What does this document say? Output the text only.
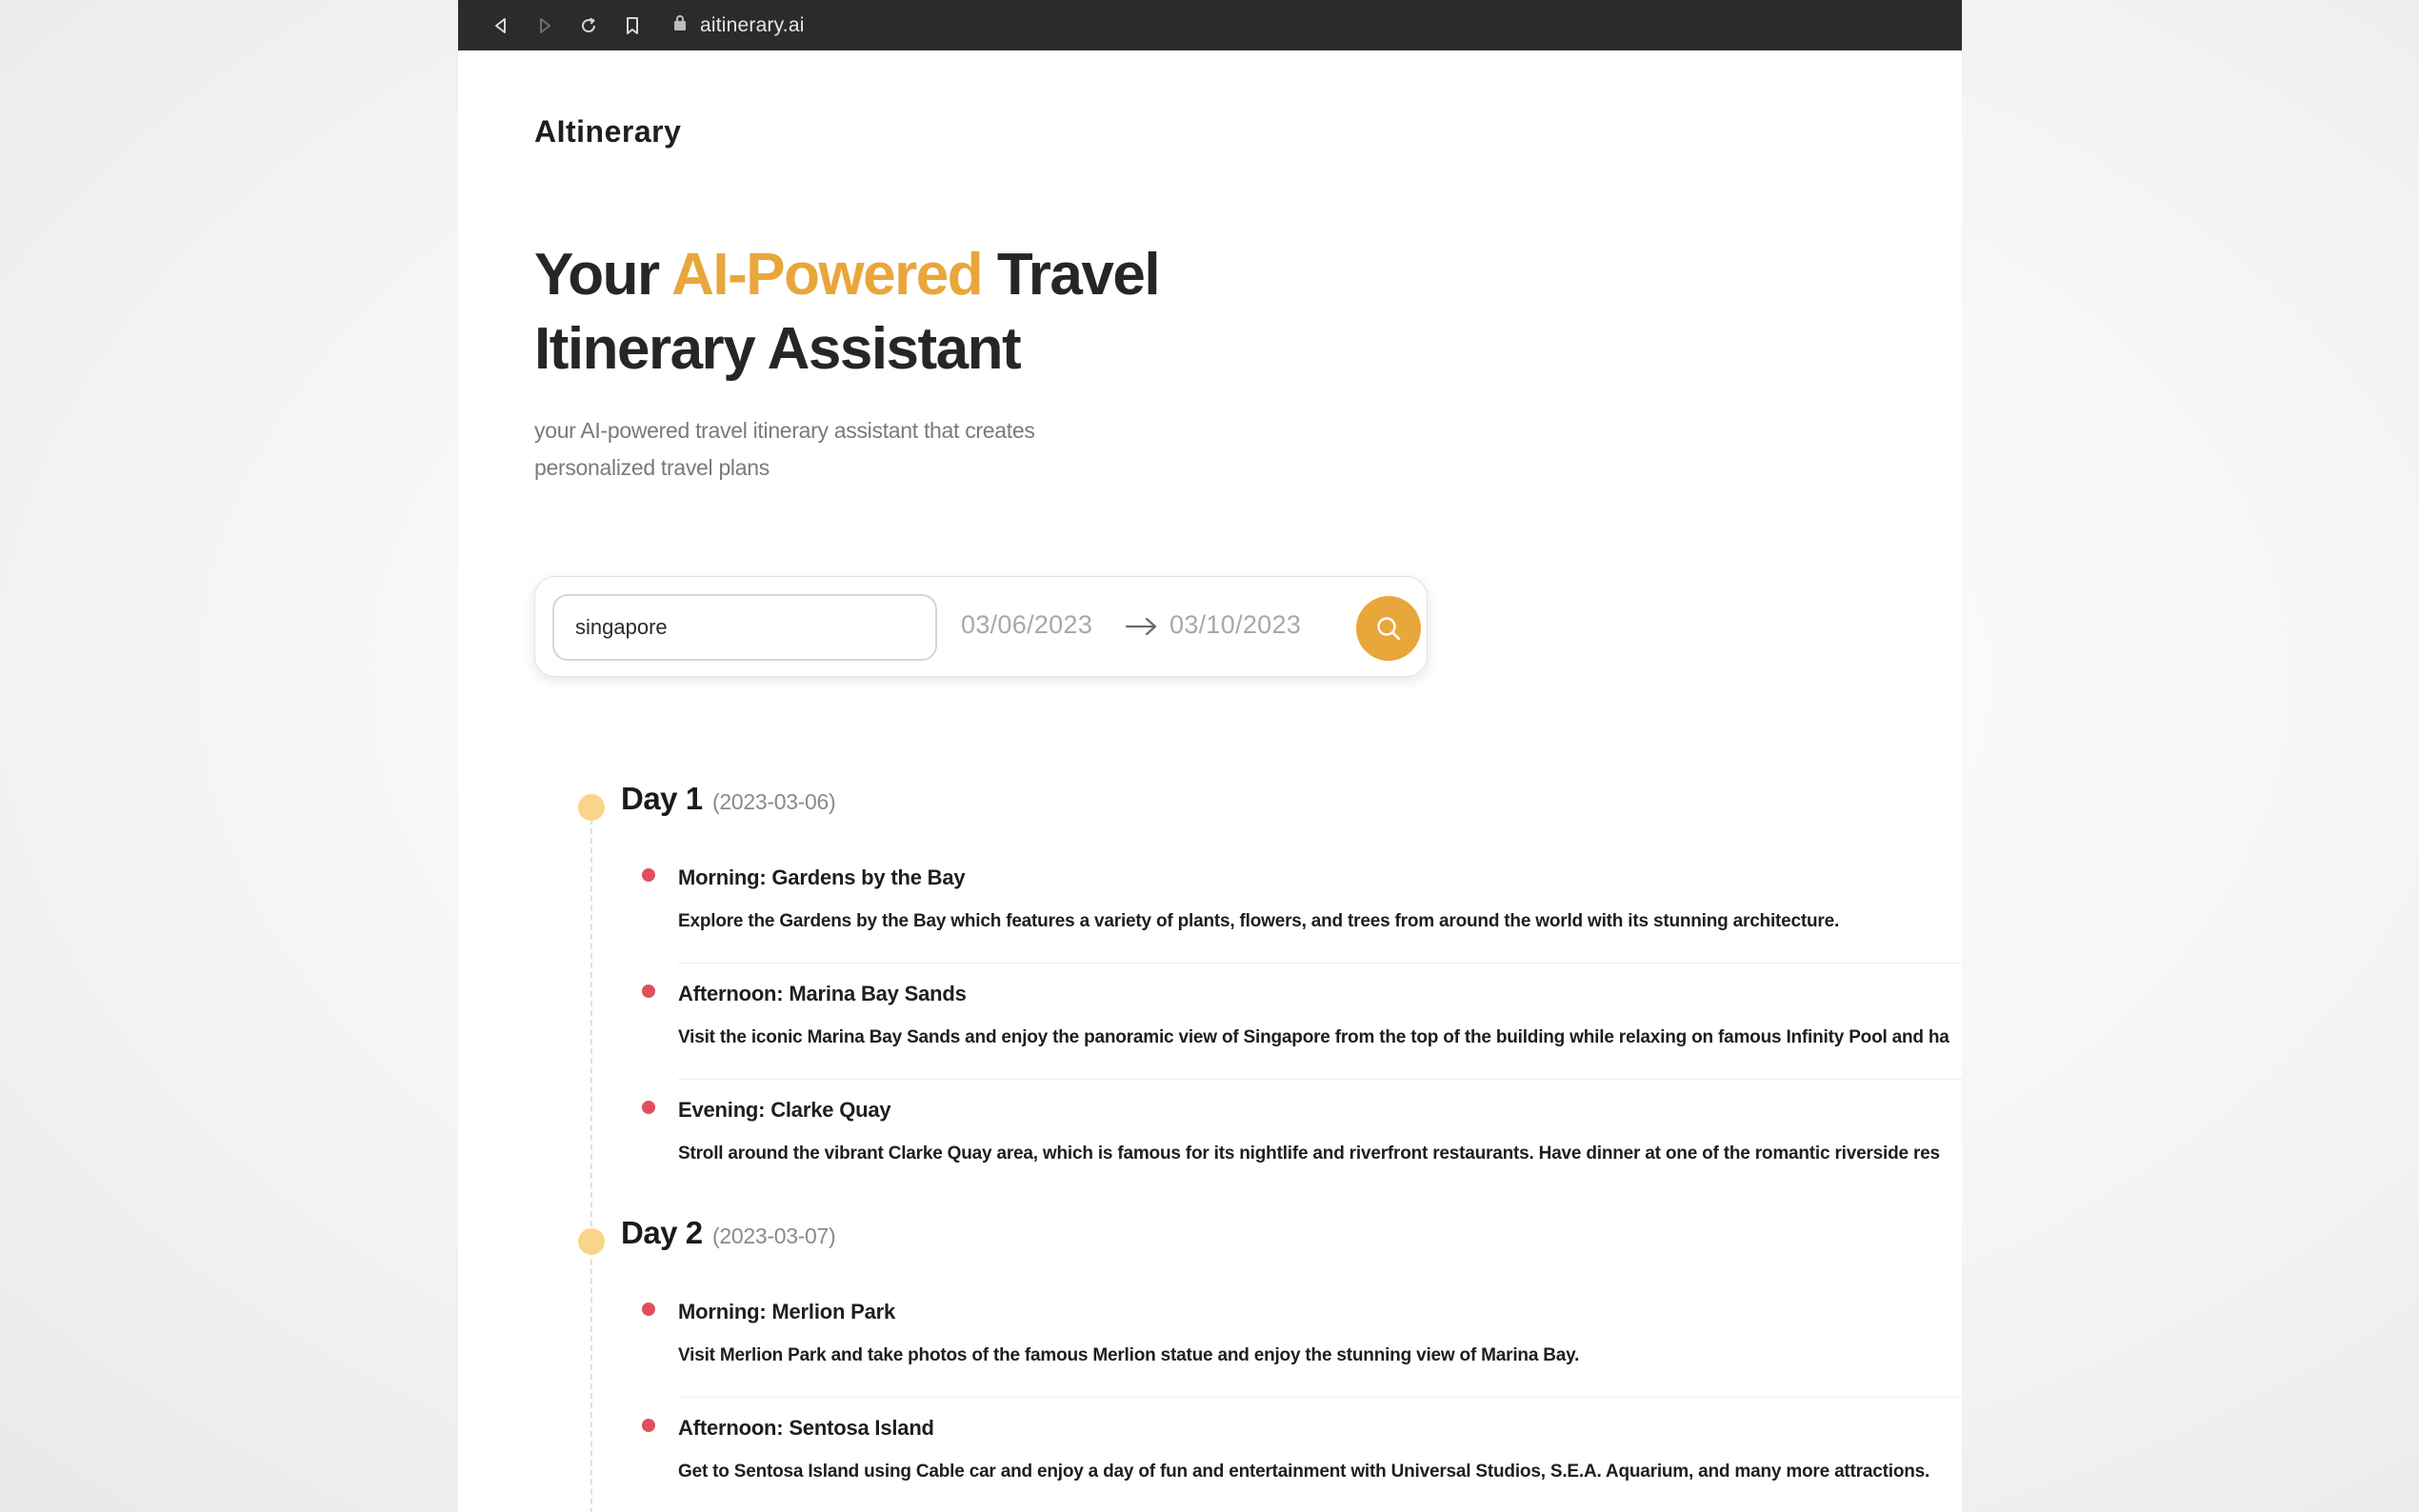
aitinerary.ai
AItinerary
Your AI-Powered Travel
Itinerary Assistant

your AI-powered travel itinerary assistant that creates personalized travel plans

singapore
03/06/2023	03/10/2023
Day 1 (2023-03-06)
Morning: Gardens by the Bay
Explore the Gardens by the Bay which features a variety of plants, flowers, and trees from around the world with its stunning architecture.
Afternoon: Marina Bay Sands
Visit the iconic Marina Bay Sands and enjoy the panoramic view of Singapore from the top of the building while relaxing on famous Infinity Pool and ha
Evening: Clarke Quay
Stroll around the vibrant Clarke Quay area, which is famous for its nightlife and riverfront restaurants. Have dinner at one of the romantic riverside res
Day 2 (2023-03-07)
Morning: Merlion Park
Visit Merlion Park and take photos of the famous Merlion statue and enjoy the stunning view of Marina Bay.
Afternoon: Sentosa Island
Get to Sentosa Island using Cable car and enjoy a day of fun and entertainment with Universal Studios, S.E.A. Aquarium, and many more attractions.
